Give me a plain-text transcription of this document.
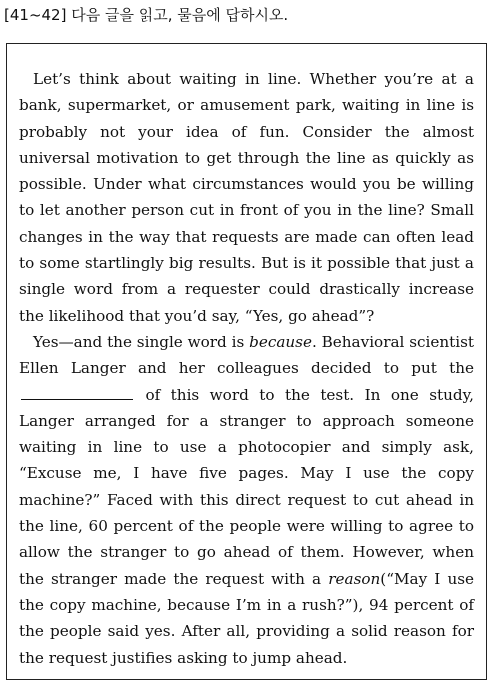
[41~42] 다음 글을 읽고, 물음에 답하시오.

Let’s think about waiting in line. Whether you’re at a bank, supermarket, or amusement park, waiting in line is probably not your idea of fun. Consider the almost universal motivation to get through the line as quickly as possible. Under what circumstances would you be willing to let another person cut in front of you in the line? Small changes in the way that requests are made can often lead to some startlingly big results. But is it possible that just a single word from a requester could drastically increase the likelihood that you’d say, “Yes, go ahead”?

Yes—and the single word is because. Behavioral scientist Ellen Langer and her colleagues decided to put the  of this word to the test. In one study, Langer arranged for a stranger to approach someone waiting in line to use a photocopier and simply ask, “Excuse me, I have five pages. May I use the copy machine?” Faced with this direct request to cut ahead in the line, 60 percent of the people were willing to agree to allow the stranger to go ahead of them. However, when the stranger made the request with a reason(“May I use the copy machine, because I’m in a rush?”), 94 percent of the people said yes. After all, providing a solid reason for the request justifies asking to jump ahead.
